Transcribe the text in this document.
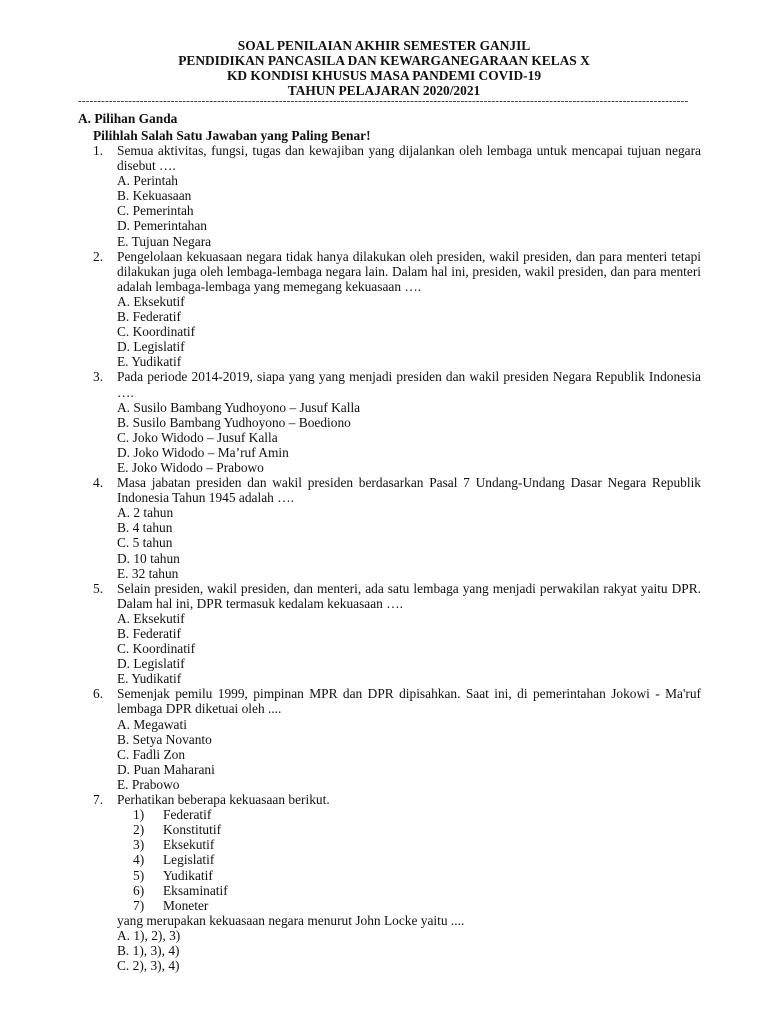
SOAL PENILAIAN AKHIR SEMESTER GANJIL
PENDIDIKAN PANCASILA DAN KEWARGANEGARAAN KELAS X
KD KONDISI KHUSUS MASA PANDEMI COVID-19
TAHUN PELAJARAN 2020/2021
--------------------------------------------------------------------------------------------------------------------------------------------------------------
A. Pilihan Ganda
Pilihlah Salah Satu Jawaban yang Paling Benar!
1.	Semua aktivitas, fungsi, tugas dan kewajiban yang dijalankan oleh lembaga untuk mencapai tujuan negara disebut ….
A. Perintah
B. Kekuasaan
C. Pemerintah
D. Pemerintahan
E. Tujuan Negara
2.	Pengelolaan kekuasaan negara tidak hanya dilakukan oleh presiden, wakil presiden, dan para menteri tetapi dilakukan juga oleh lembaga-lembaga negara lain. Dalam hal ini, presiden, wakil presiden, dan para menteri adalah lembaga-lembaga yang memegang kekuasaan ….
A. Eksekutif
B. Federatif
C. Koordinatif
D. Legislatif
E. Yudikatif
3.	Pada periode 2014-2019, siapa yang yang menjadi presiden dan wakil presiden Negara Republik Indonesia ….
A. Susilo Bambang Yudhoyono – Jusuf Kalla
B. Susilo Bambang Yudhoyono – Boediono
C. Joko Widodo – Jusuf Kalla
D. Joko Widodo – Ma’ruf Amin
E. Joko Widodo – Prabowo
4.	Masa jabatan presiden dan wakil presiden berdasarkan Pasal 7 Undang-Undang Dasar Negara Republik Indonesia Tahun 1945 adalah ….
A. 2 tahun
B. 4 tahun
C. 5 tahun
D. 10 tahun
E. 32 tahun
5.	Selain presiden, wakil presiden, dan menteri, ada satu lembaga yang menjadi perwakilan rakyat yaitu DPR. Dalam hal ini, DPR termasuk kedalam kekuasaan ….
A. Eksekutif
B. Federatif
C. Koordinatif
D. Legislatif
E. Yudikatif
6.	Semenjak pemilu 1999, pimpinan MPR dan DPR dipisahkan. Saat ini, di pemerintahan Jokowi - Ma'ruf lembaga DPR diketuai oleh ....
A. Megawati
B. Setya Novanto
C. Fadli Zon
D. Puan Maharani
E. Prabowo
7.	Perhatikan beberapa kekuasaan berikut.
1) Federatif
2) Konstitutif
3) Eksekutif
4) Legislatif
5) Yudikatif
6) Eksaminatif
7) Moneter
yang merupakan kekuasaan negara menurut John Locke yaitu ....
A. 1), 2), 3)
B. 1), 3), 4)
C. 2), 3), 4)
